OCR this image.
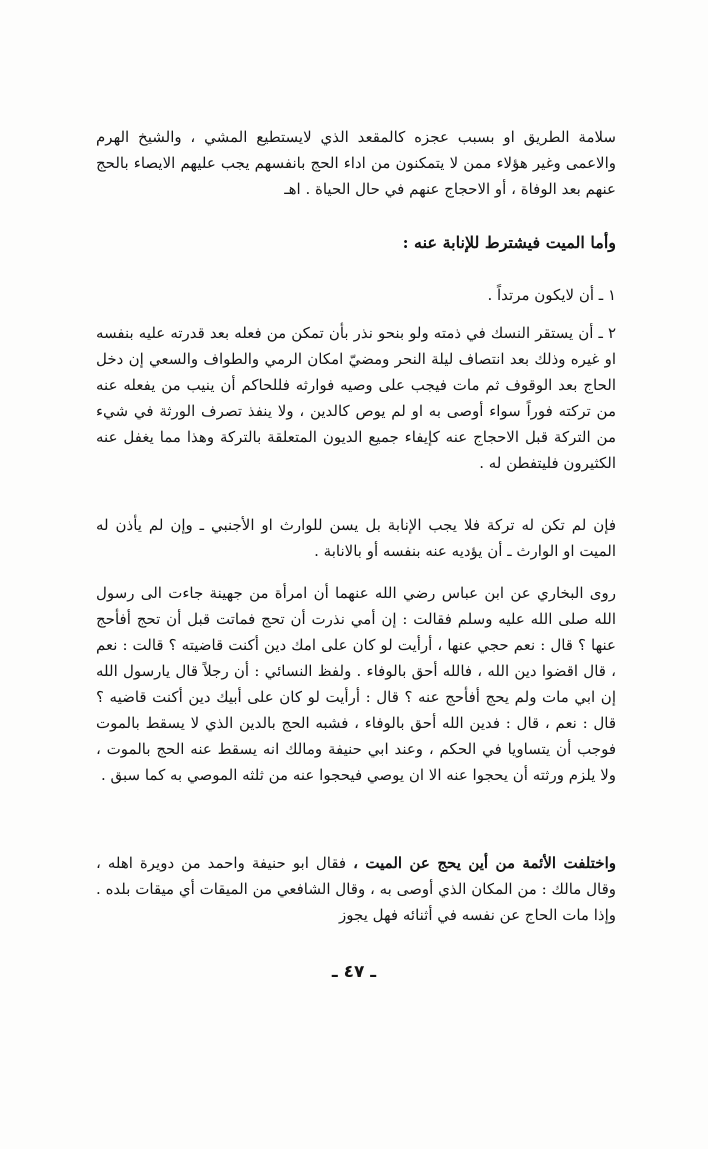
سلامة الطريق او بسبب عجزه كالمقعد الذي لايستطيع المشي ، والشيخ الهرم والاعمى وغير هؤلاء ممن لا يتمكنون من اداء الحج بانفسهم يجب عليهم الايصاء بالحج عنهم بعد الوفاة ، أو الاحجاج عنهم في حال الحياة . اهـ

وأما الميت فيشترط للإنابة عنه :

١ ـ أن لايكون مرتداً .

٢ ـ أن يستقر النسك في ذمته ولو بنحو نذر بأن تمكن من فعله بعد قدرته عليه بنفسه او غيره وذلك بعد انتصاف ليلة النحر ومضيّ امكان الرمي والطواف والسعي إن دخل الحاج بعد الوقوف ثم مات فيجب على وصيه فوارثه فللحاكم أن ينيب من يفعله عنه من تركته فوراً سواء أوصى به او لم يوص كالدين ، ولا ينفذ تصرف الورثة في شيء من التركة قبل الاحجاج عنه كإيفاء جميع الديون المتعلقة بالتركة وهذا مما يغفل عنه الكثيرون فليتفطن له .

فإن لم تكن له تركة فلا يجب الإنابة بل يسن للوارث او الأجنبي ـ وإن لم يأذن له الميت او الوارث ـ أن يؤديه عنه بنفسه أو بالانابة .

روى البخاري عن ابن عباس رضي الله عنهما أن امرأة من جهينة جاءت الى رسول الله صلى الله عليه وسلم فقالت : إن أمي نذرت أن تحج فماتت قبل أن تحج أفأحج عنها ؟ قال : نعم حجي عنها ، أرأيت لو كان على امك دين أكنت قاضيته ؟ قالت : نعم ، قال اقضوا دين الله ، فالله أحق بالوفاء . ولفظ النسائي : أن رجلاً قال يارسول الله إن ابي مات ولم يحج أفأحج عنه ؟ قال : أرأيت لو كان على أبيك دين أكنت قاضيه ؟ قال : نعم ، قال : فدين الله أحق بالوفاء ، فشبه الحج بالدين الذي لا يسقط بالموت فوجب أن يتساويا في الحكم ، وعند ابي حنيفة ومالك انه يسقط عنه الحج بالموت ، ولا يلزم ورثته أن يحجوا عنه الا ان يوصي فيحجوا عنه من ثلثه الموصي به كما سبق .

واختلفت الأئمة من أين يحج عن الميت ، فقال ابو حنيفة واحمد من دويرة اهله ، وقال مالك : من المكان الذي أوصى به ، وقال الشافعي من الميقات أي ميقات بلده . وإذا مات الحاج عن نفسه في أثنائه فهل يجوز

ـ ٤٧ ـ
